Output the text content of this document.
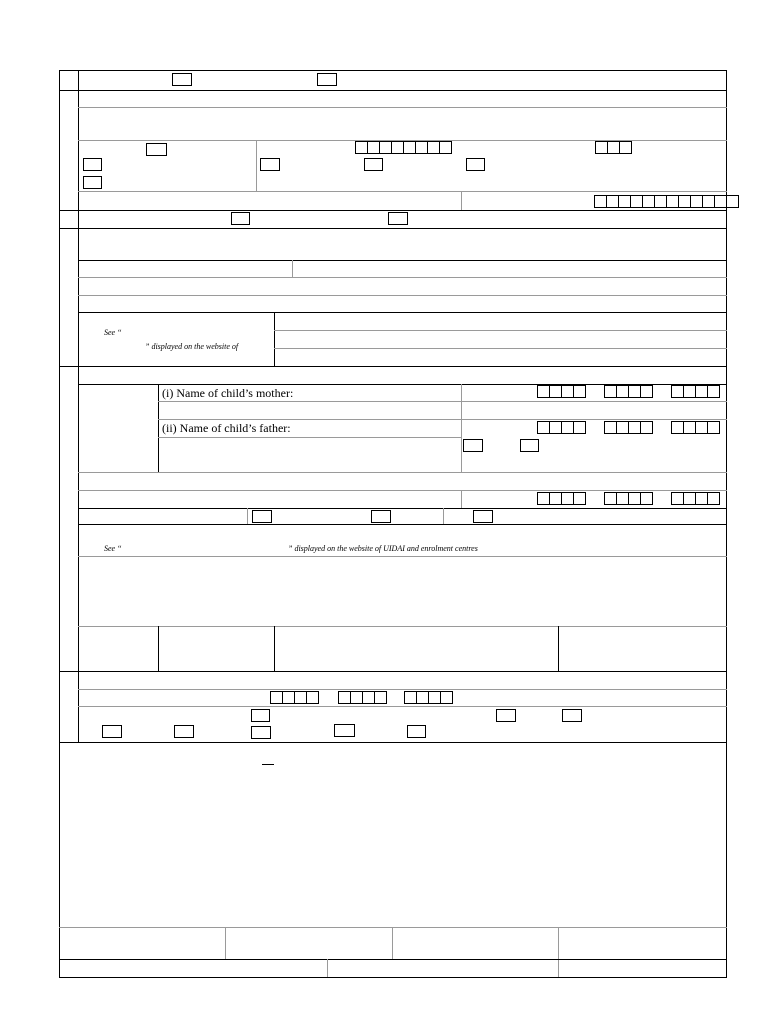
See “
” displayed on the website of
(i) Name of child’s mother:
(ii) Name of child’s father:
See “	” displayed on the website of UIDAI and enrolment centres
